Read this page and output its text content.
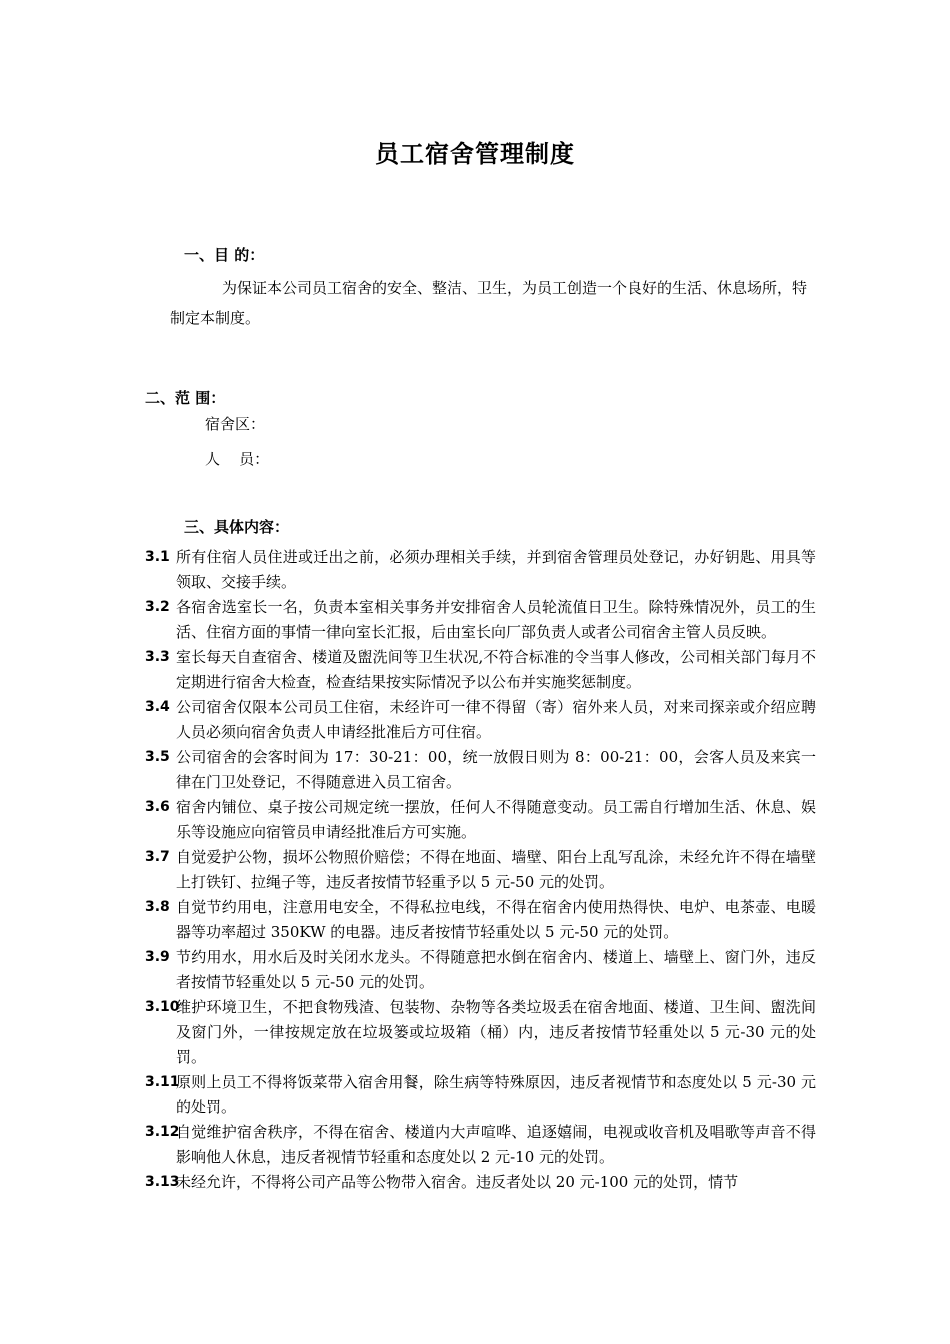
员工宿舍管理制度
一、目 的：
为保证本公司员工宿舍的安全、整洁、卫生，为员工创造一个良好的生活、休息场所，特制定本制度。
二、范 围：
宿舍区：
人    员：
三、具体内容：
3.1 所有住宿人员住进或迁出之前，必须办理相关手续，并到宿舍管理员处登记，办好钥匙、用具等领取、交接手续。
3.2 各宿舍选室长一名，负责本室相关事务并安排宿舍人员轮流值日卫生。除特殊情况外，员工的生活、住宿方面的事情一律向室长汇报，后由室长向厂部负责人或者公司宿舍主管人员反映。
3.3 室长每天自查宿舍、楼道及盥洗间等卫生状况,不符合标准的令当事人修改，公司相关部门每月不定期进行宿舍大检查，检查结果按实际情况予以公布并实施奖惩制度。
3.4 公司宿舍仅限本公司员工住宿，未经许可一律不得留（寄）宿外来人员，对来司探亲或介绍应聘人员必须向宿舍负责人申请经批准后方可住宿。
3.5 公司宿舍的会客时间为 17：30-21：00，统一放假日则为 8：00-21：00，会客人员及来宾一律在门卫处登记，不得随意进入员工宿舍。
3.6 宿舍内铺位、桌子按公司规定统一摆放，任何人不得随意变动。员工需自行增加生活、休息、娱乐等设施应向宿管员申请经批准后方可实施。
3.7 自觉爱护公物，损坏公物照价赔偿；不得在地面、墙壁、阳台上乱写乱涂，未经允许不得在墙壁上打铁钉、拉绳子等，违反者按情节轻重予以 5 元-50 元的处罚。
3.8 自觉节约用电，注意用电安全，不得私拉电线，不得在宿舍内使用热得快、电炉、电茶壶、电暖器等功率超过 350KW 的电器。违反者按情节轻重处以 5 元-50 元的处罚。
3.9 节约用水，用水后及时关闭水龙头。不得随意把水倒在宿舍内、楼道上、墙壁上、窗门外，违反者按情节轻重处以 5 元-50 元的处罚。
3.10
维护环境卫生，不把食物残渣、包装物、杂物等各类垃圾丢在宿舍地面、楼道、卫生间、盥洗间及窗门外，一律按规定放在垃圾篓或垃圾箱（桶）内，违反者按情节轻重处以 5 元-30 元的处罚。
3.11
原则上员工不得将饭菜带入宿舍用餐，除生病等特殊原因，违反者视情节和态度处以 5 元-30 元的处罚。
3.12
自觉维护宿舍秩序，不得在宿舍、楼道内大声喧哗、追逐嬉闹，电视或收音机及唱歌等声音不得影响他人休息，违反者视情节轻重和态度处以 2 元-10 元的处罚。
3.13
未经允许，不得将公司产品等公物带入宿舍。违反者处以 20 元-100 元的处罚，情节
